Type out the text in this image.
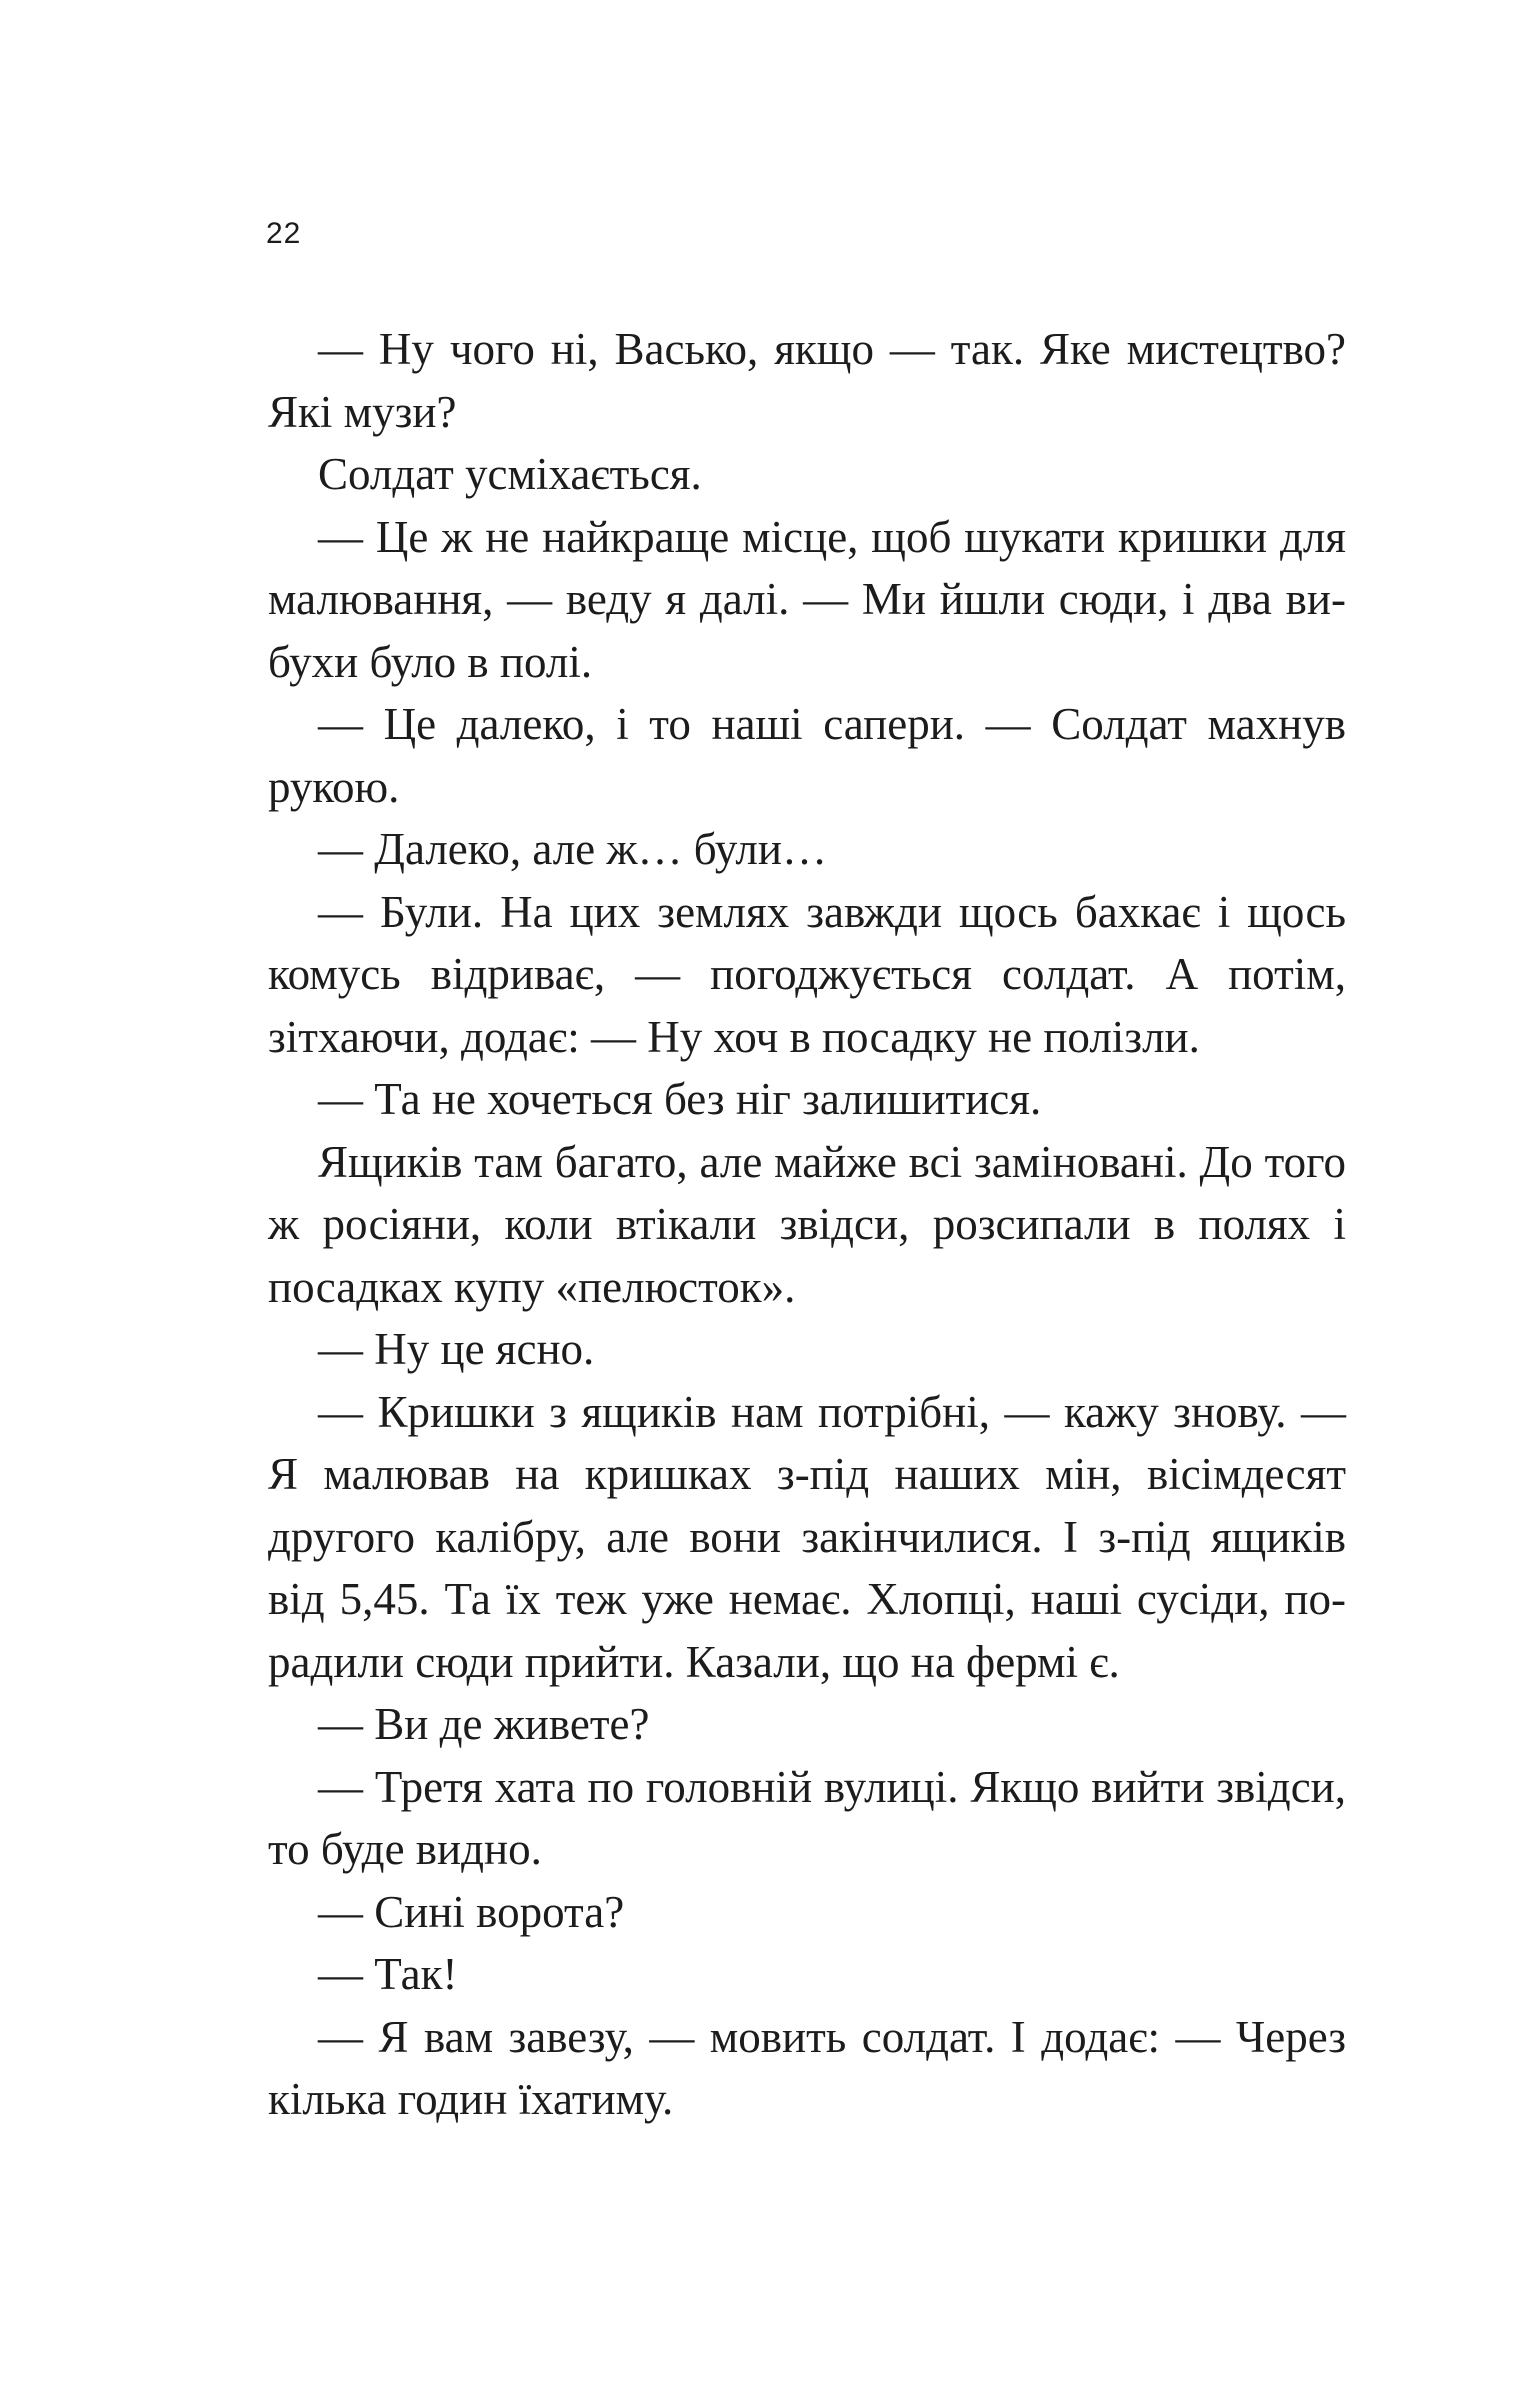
22

— Ну чого ні, Васько, якщо — так. Яке мистецтво? Які музи?

Солдат усміхається.

— Це ж не найкраще місце, щоб шукати кришки для малювання, — веду я далі. — Ми йшли сюди, і два вибухи було в полі.

— Це далеко, і то наші сапери. — Солдат махнув рукою.

— Далеко, але ж… були…

— Були. На цих землях завжди щось бахкає і щось комусь відриває, — погоджується солдат. А потім, зітхаючи, додає: — Ну хоч в посадку не полізли.

— Та не хочеться без ніг залишитися.

Ящиків там багато, але майже всі заміновані. До того ж росіяни, коли втікали звідси, розсипали в полях і посадках купу «пелюсток».

— Ну це ясно.

— Кришки з ящиків нам потрібні, — кажу знову. — Я малював на кришках з-під наших мін, вісімдесят другого калібру, але вони закінчилися. І з-під ящиків від 5,45. Та їх теж уже немає. Хлопці, наші сусіди, порадили сюди прийти. Казали, що на фермі є.

— Ви де живете?

— Третя хата по головній вулиці. Якщо вийти звідси, то буде видно.

— Сині ворота?

— Так!

— Я вам завезу, — мовить солдат. І додає: — Через кілька годин їхатиму.
